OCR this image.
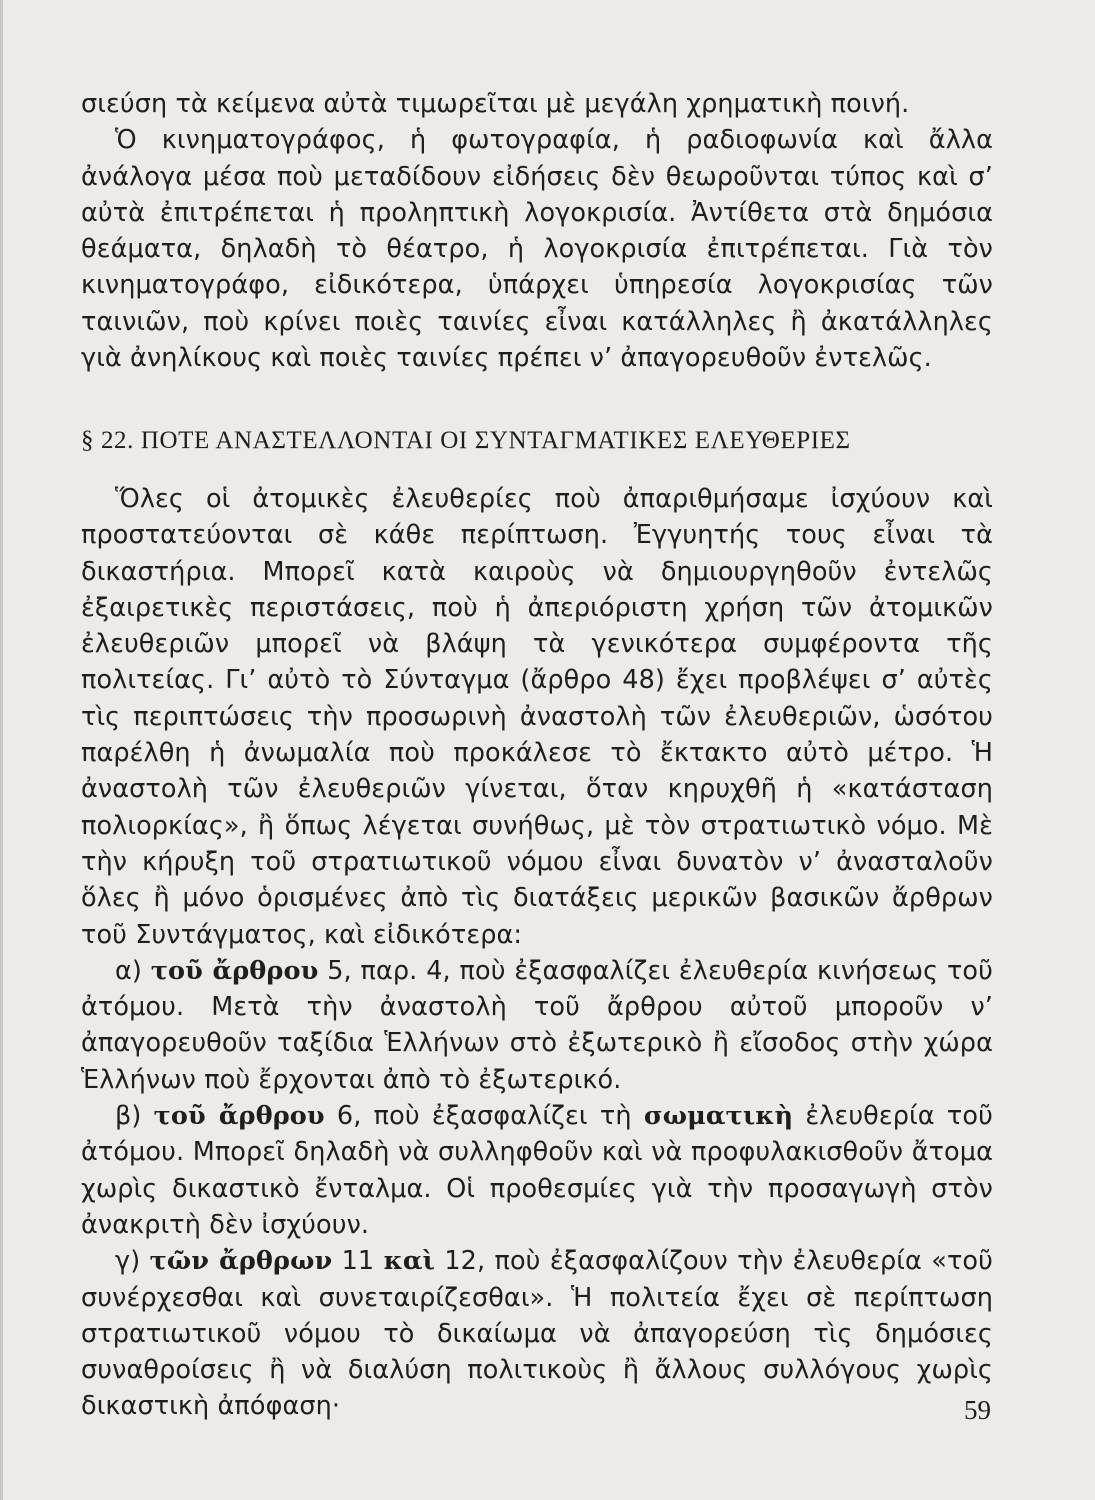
σιεύση τὰ κείμενα αὐτὰ τιμωρεῖται μὲ μεγάλη χρηματικὴ ποινή.

Ὁ κινηματογράφος, ἡ φωτογραφία, ἡ ραδιοφωνία καὶ ἄλλα ἀνάλογα μέσα ποὺ μεταδίδουν εἰδήσεις δὲν θεωροῦνται τύπος καὶ σ’ αὐτὰ ἐπιτρέπεται ἡ προληπτικὴ λογοκρισία. Ἀντίθετα στὰ δημόσια θεάματα, δηλαδὴ τὸ θέατρο, ἡ λογοκρισία ἐπιτρέπεται. Γιὰ τὸν κινηματογράφο, εἰδικότερα, ὑπάρχει ὑπηρεσία λογοκρισίας τῶν ταινιῶν, ποὺ κρίνει ποιὲς ταινίες εἶναι κατάλληλες ἢ ἀκατάλληλες γιὰ ἀνηλίκους καὶ ποιὲς ταινίες πρέπει ν’ ἀπαγορευθοῦν ἐντελῶς.

§ 22. ΠΟΤΕ ΑΝΑΣΤΕΛΛΟΝΤΑΙ ΟΙ ΣΥΝΤΑΓΜΑΤΙΚΕΣ ΕΛΕΥΘΕΡΙΕΣ

Ὅλες οἱ ἀτομικὲς ἐλευθερίες ποὺ ἀπαριθμήσαμε ἰσχύουν καὶ προστατεύονται σὲ κάθε περίπτωση. Ἐγγυητής τους εἶναι τὰ δικαστήρια. Μπορεῖ κατὰ καιροὺς νὰ δημιουργηθοῦν ἐντελῶς ἐξαιρετικὲς περιστάσεις, ποὺ ἡ ἀπεριόριστη χρήση τῶν ἀτομικῶν ἐλευθεριῶν μπορεῖ νὰ βλάψη τὰ γενικότερα συμφέροντα τῆς πολιτείας. Γι’ αὐτὸ τὸ Σύνταγμα (ἄρθρο 48) ἔχει προβλέψει σ’ αὐτὲς τὶς περιπτώσεις τὴν προσωρινὴ ἀναστολὴ τῶν ἐλευθεριῶν, ὡσότου παρέλθη ἡ ἀνωμαλία ποὺ προκάλεσε τὸ ἔκτακτο αὐτὸ μέτρο. Ἡ ἀναστολὴ τῶν ἐλευθεριῶν γίνεται, ὅταν κηρυχθῆ ἡ «κατάσταση πολιορκίας», ἢ ὅπως λέγεται συνήθως, μὲ τὸν στρατιωτικὸ νόμο. Μὲ τὴν κήρυξη τοῦ στρατιωτικοῦ νόμου εἶναι δυνατὸν ν’ ἀνασταλοῦν ὅλες ἢ μόνο ὁρισμένες ἀπὸ τὶς διατάξεις μερικῶν βασικῶν ἄρθρων τοῦ Συντάγματος, καὶ εἰδικότερα:

α) τοῦ ἄρθρου 5, παρ. 4, ποὺ ἐξασφαλίζει ἐλευθερία κινήσεως τοῦ ἀτόμου. Μετὰ τὴν ἀναστολὴ τοῦ ἄρθρου αὐτοῦ μποροῦν ν’ ἀπαγορευθοῦν ταξίδια Ἑλλήνων στὸ ἐξωτερικὸ ἢ εἴσοδος στὴν χώρα Ἑλλήνων ποὺ ἔρχονται ἀπὸ τὸ ἐξωτερικό.

β) τοῦ ἄρθρου 6, ποὺ ἐξασφαλίζει τὴ σωματικὴ ἐλευθερία τοῦ ἀτόμου. Μπορεῖ δηλαδὴ νὰ συλληφθοῦν καὶ νὰ προφυλακισθοῦν ἄτομα χωρὶς δικαστικὸ ἔνταλμα. Οἱ προθεσμίες γιὰ τὴν προσαγωγὴ στὸν ἀνακριτὴ δὲν ἰσχύουν.

γ) τῶν ἄρθρων 11 καὶ 12, ποὺ ἐξασφαλίζουν τὴν ἐλευθερία «τοῦ συνέρχεσθαι καὶ συνεταιρίζεσθαι». Ἡ πολιτεία ἔχει σὲ περίπτωση στρατιωτικοῦ νόμου τὸ δικαίωμα νὰ ἀπαγορεύση τὶς δημόσιες συναθροίσεις ἢ νὰ διαλύση πολιτικοὺς ἢ ἄλλους συλλόγους χωρὶς δικαστικὴ ἀπόφαση·	59
